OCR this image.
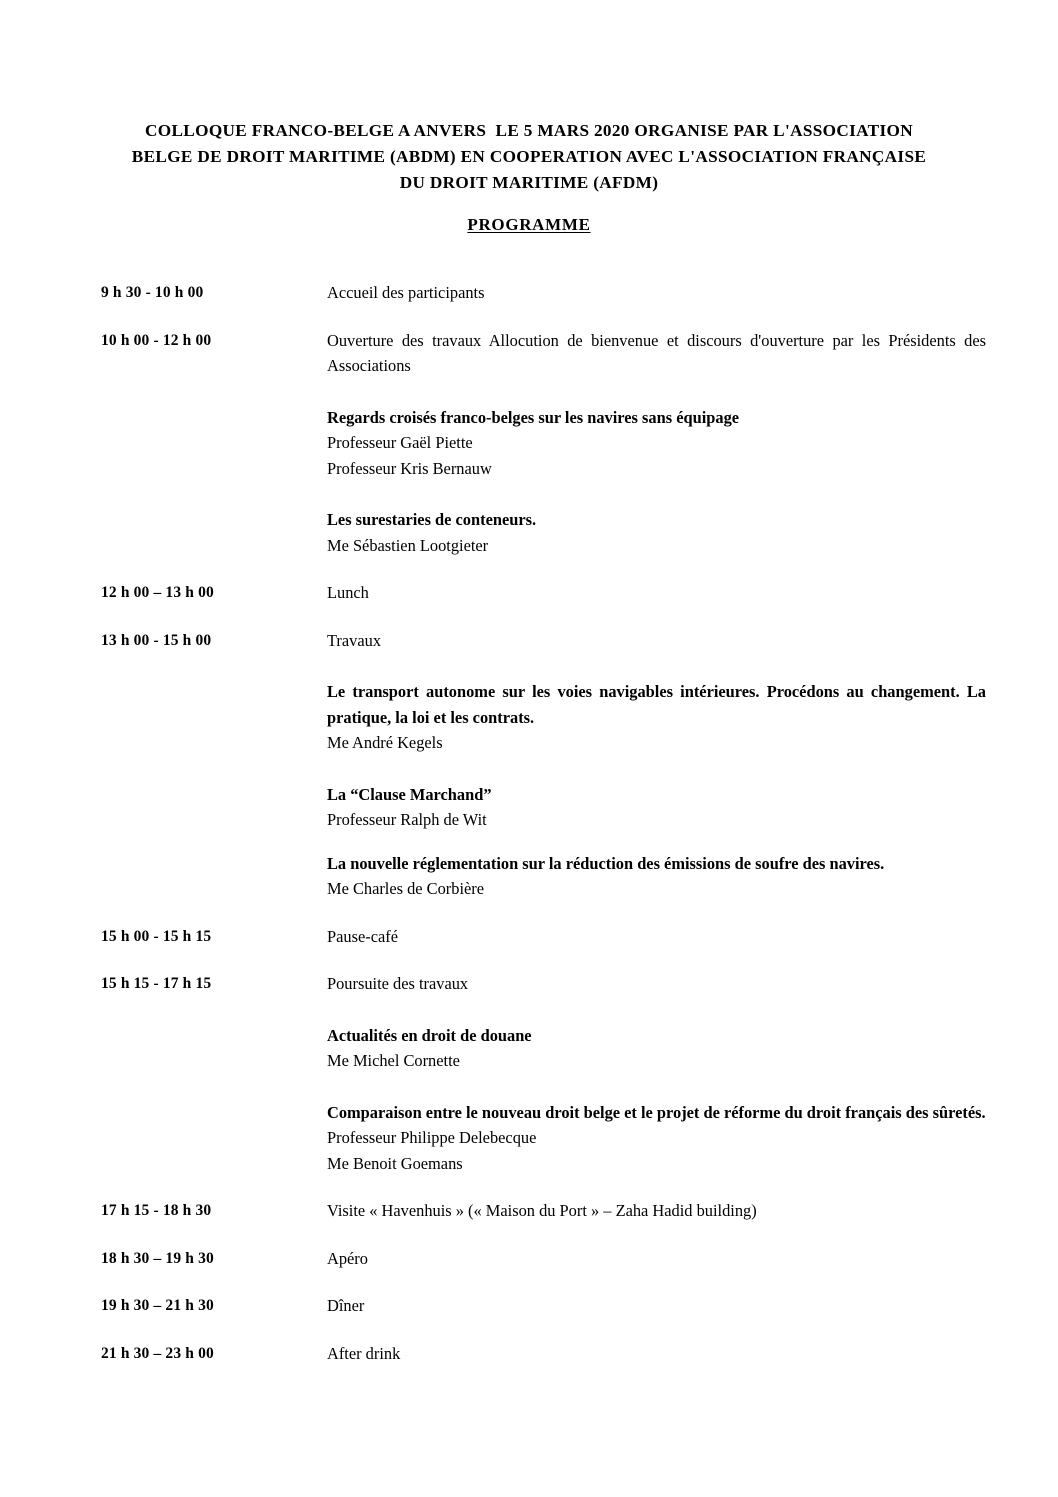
COLLOQUE FRANCO-BELGE A ANVERS  LE 5 MARS 2020 ORGANISE PAR L'ASSOCIATION
BELGE DE DROIT MARITIME (ABDM) EN COOPERATION AVEC L'ASSOCIATION FRANÇAISE
DU DROIT MARITIME (AFDM)
PROGRAMME
9 h 30 - 10 h 00	Accueil des participants

10 h 00 - 12 h 00	Ouverture des travaux Allocution de bienvenue et discours d'ouverture par les Présidents des Associations

Regards croisés franco-belges sur les navires sans équipage

Professeur Gaël Piette

Professeur Kris Bernauw

Les surestaries de conteneurs.

Me Sébastien Lootgieter

12 h 00 – 13 h 00	Lunch

13 h 00 - 15 h 00	Travaux

Le transport autonome sur les voies navigables intérieures. Procédons au changement. La pratique, la loi et les contrats.

Me André Kegels

La “Clause Marchand”

Professeur Ralph de Wit

La nouvelle réglementation sur la réduction des émissions de soufre des navires.

Me Charles de Corbière

15 h 00 - 15 h 15	Pause-café

15 h 15 - 17 h 15	Poursuite des travaux

Actualités en droit de douane

Me Michel Cornette

Comparaison entre le nouveau droit belge et le projet de réforme du droit français des sûretés.

Professeur Philippe Delebecque

Me Benoit Goemans

17 h 15 - 18 h 30	Visite « Havenhuis » (« Maison du Port » – Zaha Hadid building)

18 h 30 – 19 h 30	Apéro

19 h 30 – 21 h 30	Dîner

21 h 30 – 23 h 00	After drink
